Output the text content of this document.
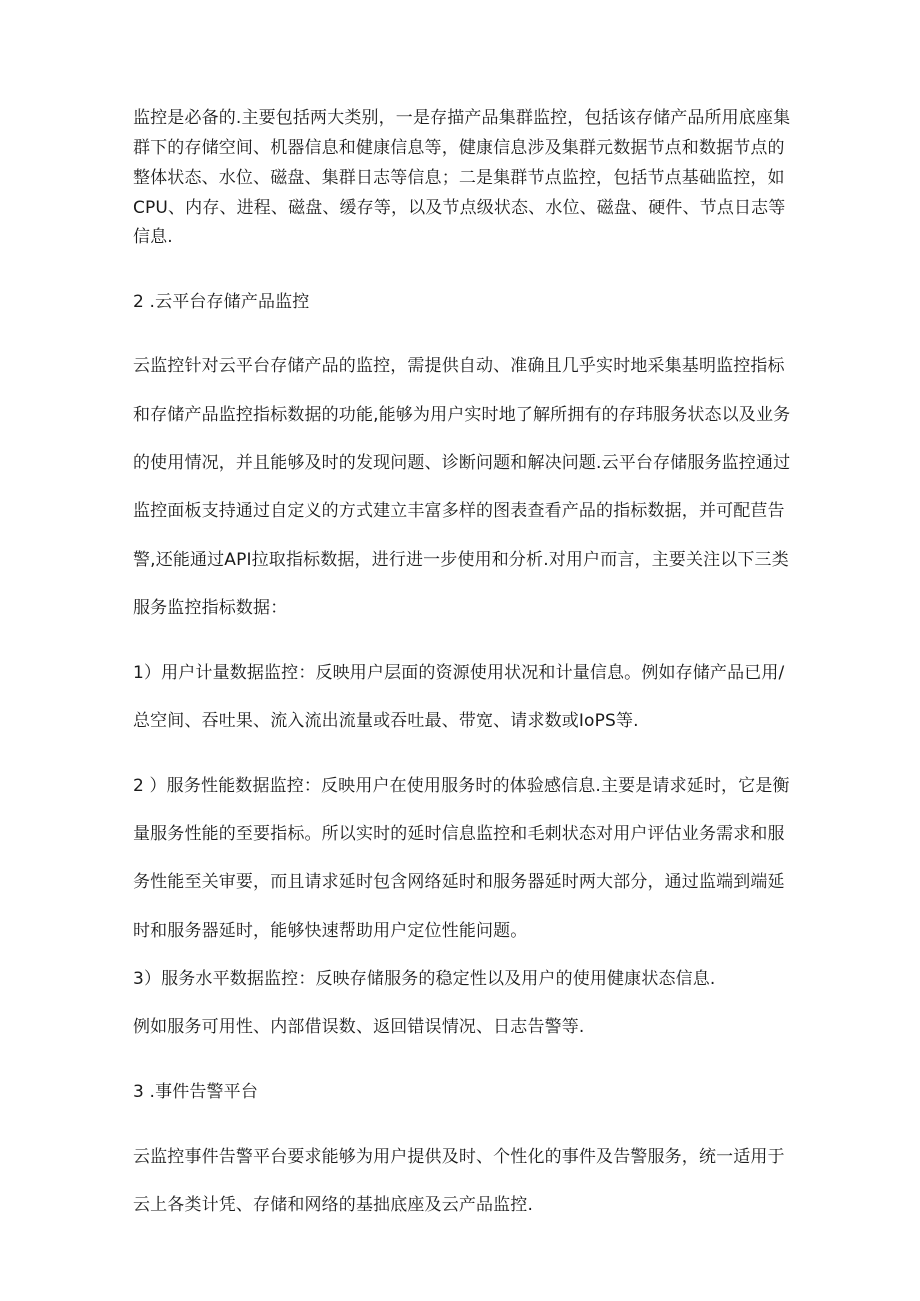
监控是必备的.主要包括两大类别，一是存描产品集群监控，包括该存储产品所用底座集

群下的存储空间、机器信息和健康信息等，健康信息涉及集群元数据节点和数据节点的

整体状态、水位、磁盘、集群日志等信息；二是集群节点监控，包括节点基础监控，如

CPU、内存、进程、磁盘、缓存等，以及节点级状态、水位、磁盘、硬件、节点日志等

信息.

2 .云平台存储产品监控

云监控针对云平台存储产品的监控，需提供自动、准确且几乎实时地采集基明监控指标

和存储产品监控指标数据的功能,能够为用户实时地了解所拥有的存玮服务状态以及业务

的使用情况，并且能够及时的发现问题、诊断问题和解决问题.云平台存储服务监控通过

监控面板支持通过自定义的方式建立丰富多样的图表查看产品的指标数据，并可配苣告

警,还能通过API拉取指标数据，进行进一步使用和分析.对用户而言，主要关注以下三类

服务监控指标数据：

1）用户计量数据监控：反映用户层面的资源使用状况和计量信息。例如存储产品已用/

总空间、吞吐果、流入流出流量或吞吐最、带宽、请求数或IoPS等.

2 ）服务性能数据监控：反映用户在使用服务时的体验感信息.主要是请求延时，它是衡

量服务性能的至要指标。所以实时的延时信息监控和毛刺状态对用户评估业务需求和服

务性能至关审要，而且请求延时包含网络延时和服务器延时两大部分，通过监端到端延

时和服务器延时，能够快速帮助用户定位性能问题。

3）服务水平数据监控：反映存储服务的稳定性以及用户的使用健康状态信息.

例如服务可用性、内部借误数、返回错误情况、日志告警等.

3 .事件告警平台

云监控事件告警平台要求能够为用户提供及时、个性化的事件及告警服务，统一适用于

云上各类计凭、存储和网络的基拙底座及云产品监控.
